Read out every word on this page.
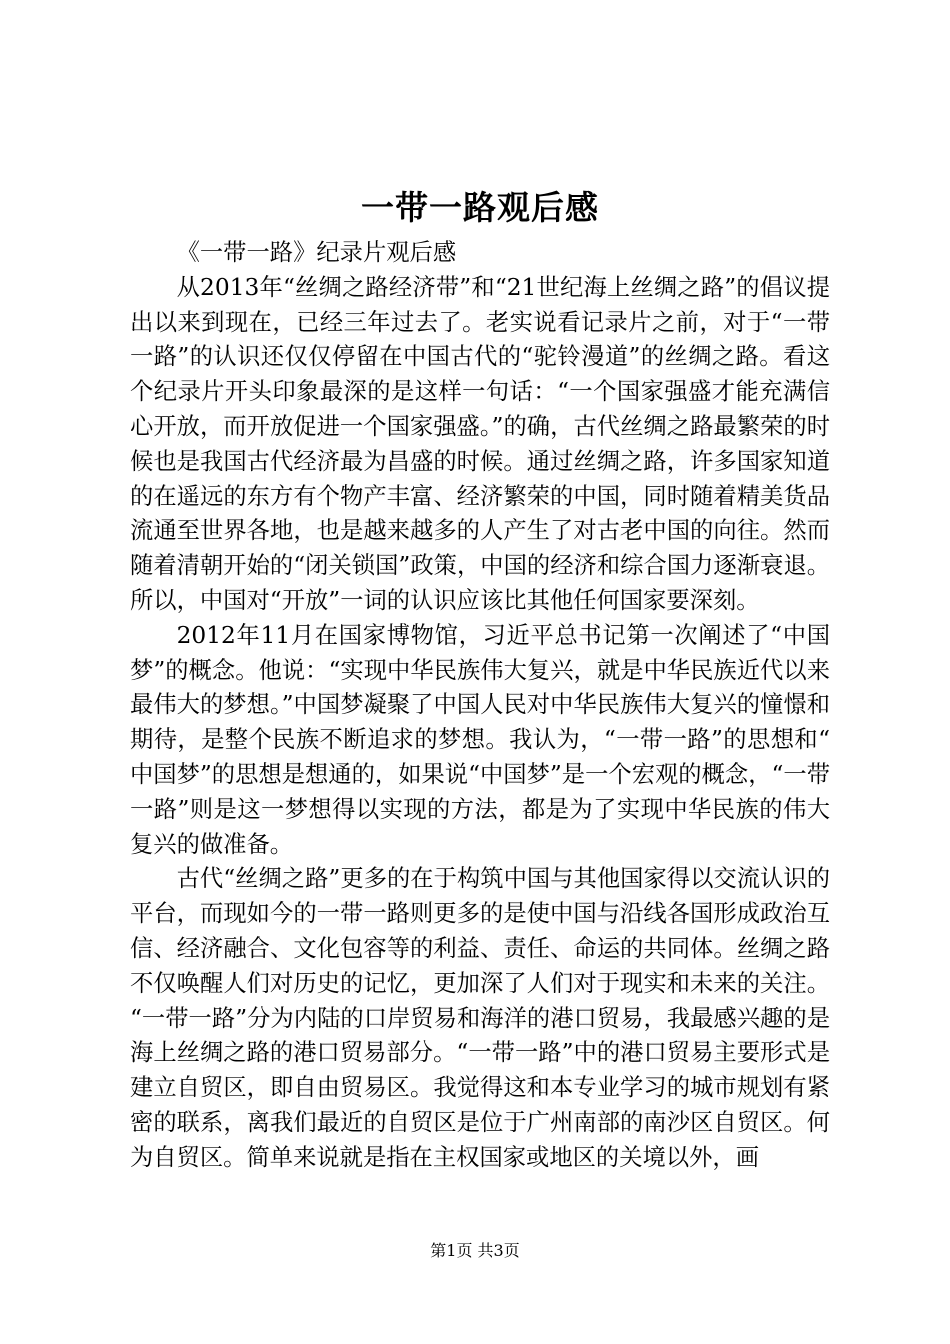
一带一路观后感

《一带一路》纪录片观后感

从2013年“丝绸之路经济带”和“21世纪海上丝绸之路”的倡议提出以来到现在，已经三年过去了。老实说看记录片之前，对于“一带一路”的认识还仅仅停留在中国古代的“驼铃漫道”的丝绸之路。看这个纪录片开头印象最深的是这样一句话：“一个国家强盛才能充满信心开放，而开放促进一个国家强盛。”的确，古代丝绸之路最繁荣的时候也是我国古代经济最为昌盛的时候。通过丝绸之路，许多国家知道的在遥远的东方有个物产丰富、经济繁荣的中国，同时随着精美货品流通至世界各地，也是越来越多的人产生了对古老中国的向往。然而随着清朝开始的“闭关锁国”政策，中国的经济和综合国力逐渐衰退。所以，中国对“开放”一词的认识应该比其他任何国家要深刻。

2012年11月在国家博物馆，习近平总书记第一次阐述了“中国梦”的概念。他说：“实现中华民族伟大复兴，就是中华民族近代以来最伟大的梦想。”中国梦凝聚了中国人民对中华民族伟大复兴的憧憬和期待，是整个民族不断追求的梦想。我认为，“一带一路”的思想和“中国梦”的思想是想通的，如果说“中国梦”是一个宏观的概念，“一带一路”则是这一梦想得以实现的方法，都是为了实现中华民族的伟大复兴的做准备。

古代“丝绸之路”更多的在于构筑中国与其他国家得以交流认识的平台，而现如今的一带一路则更多的是使中国与沿线各国形成政治互信、经济融合、文化包容等的利益、责任、命运的共同体。丝绸之路不仅唤醒人们对历史的记忆，更加深了人们对于现实和未来的关注。“一带一路”分为内陆的口岸贸易和海洋的港口贸易，我最感兴趣的是海上丝绸之路的港口贸易部分。“一带一路”中的港口贸易主要形式是建立自贸区，即自由贸易区。我觉得这和本专业学习的城市规划有紧密的联系，离我们最近的自贸区是位于广州南部的南沙区自贸区。何为自贸区。简单来说就是指在主权国家或地区的关境以外，画

第1页 共3页
